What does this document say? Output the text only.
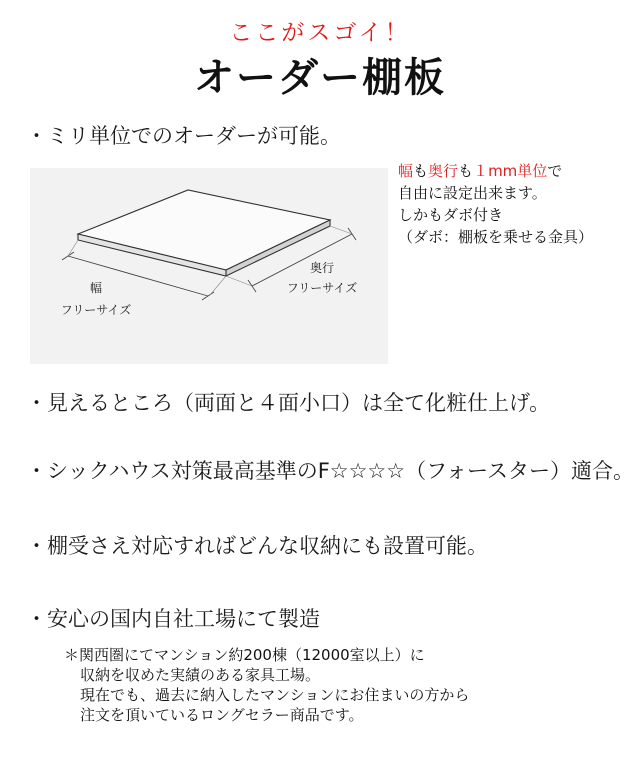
ここがスゴイ！
オーダー棚板
・ミリ単位でのオーダーが可能。
幅
フリーサイズ
奥行
フリーサイズ
幅も奥行も１mm単位で
自由に設定出来ます。
しかもダボ付き
（ダボ：棚板を乗せる金具）
・見えるところ（両面と４面小口）は全て化粧仕上げ。
・シックハウス対策最高基準のF☆☆☆☆（フォースター）適合。
・棚受さえ対応すればどんな収納にも設置可能。
・安心の国内自社工場にて製造
＊関西圏にてマンション約200棟（12000室以上）に
収納を収めた実績のある家具工場。
現在でも、過去に納入したマンションにお住まいの方から
注文を頂いているロングセラー商品です。
